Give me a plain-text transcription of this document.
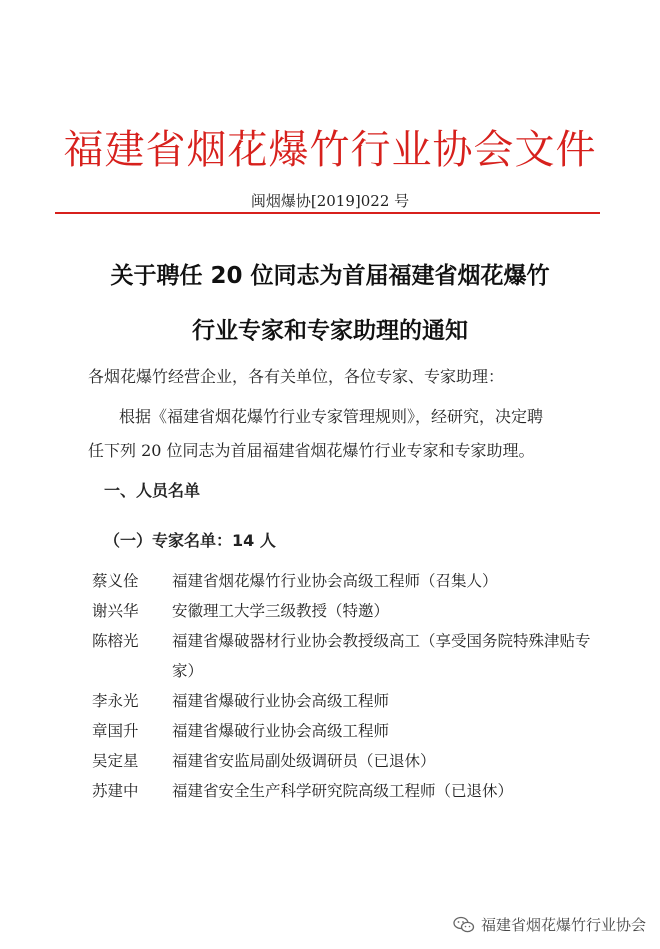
福建省烟花爆竹行业协会文件
闽烟爆协[2019]022 号
关于聘任 20 位同志为首届福建省烟花爆竹
行业专家和专家助理的通知
各烟花爆竹经营企业，各有关单位，各位专家、专家助理：
根据《福建省烟花爆竹行业专家管理规则》，经研究，决定聘
任下列 20 位同志为首届福建省烟花爆竹行业专家和专家助理。
一、人员名单
（一）专家名单：14 人
蔡义佺	福建省烟花爆竹行业协会高级工程师（召集人）
谢兴华	安徽理工大学三级教授（特邀）
陈榕光	福建省爆破器材行业协会教授级高工（享受国务院特殊津贴专家）
李永光	福建省爆破行业协会高级工程师
章国升	福建省爆破行业协会高级工程师
吴定星	福建省安监局副处级调研员（已退休）
苏建中	福建省安全生产科学研究院高级工程师（已退休）
福建省烟花爆竹行业协会
